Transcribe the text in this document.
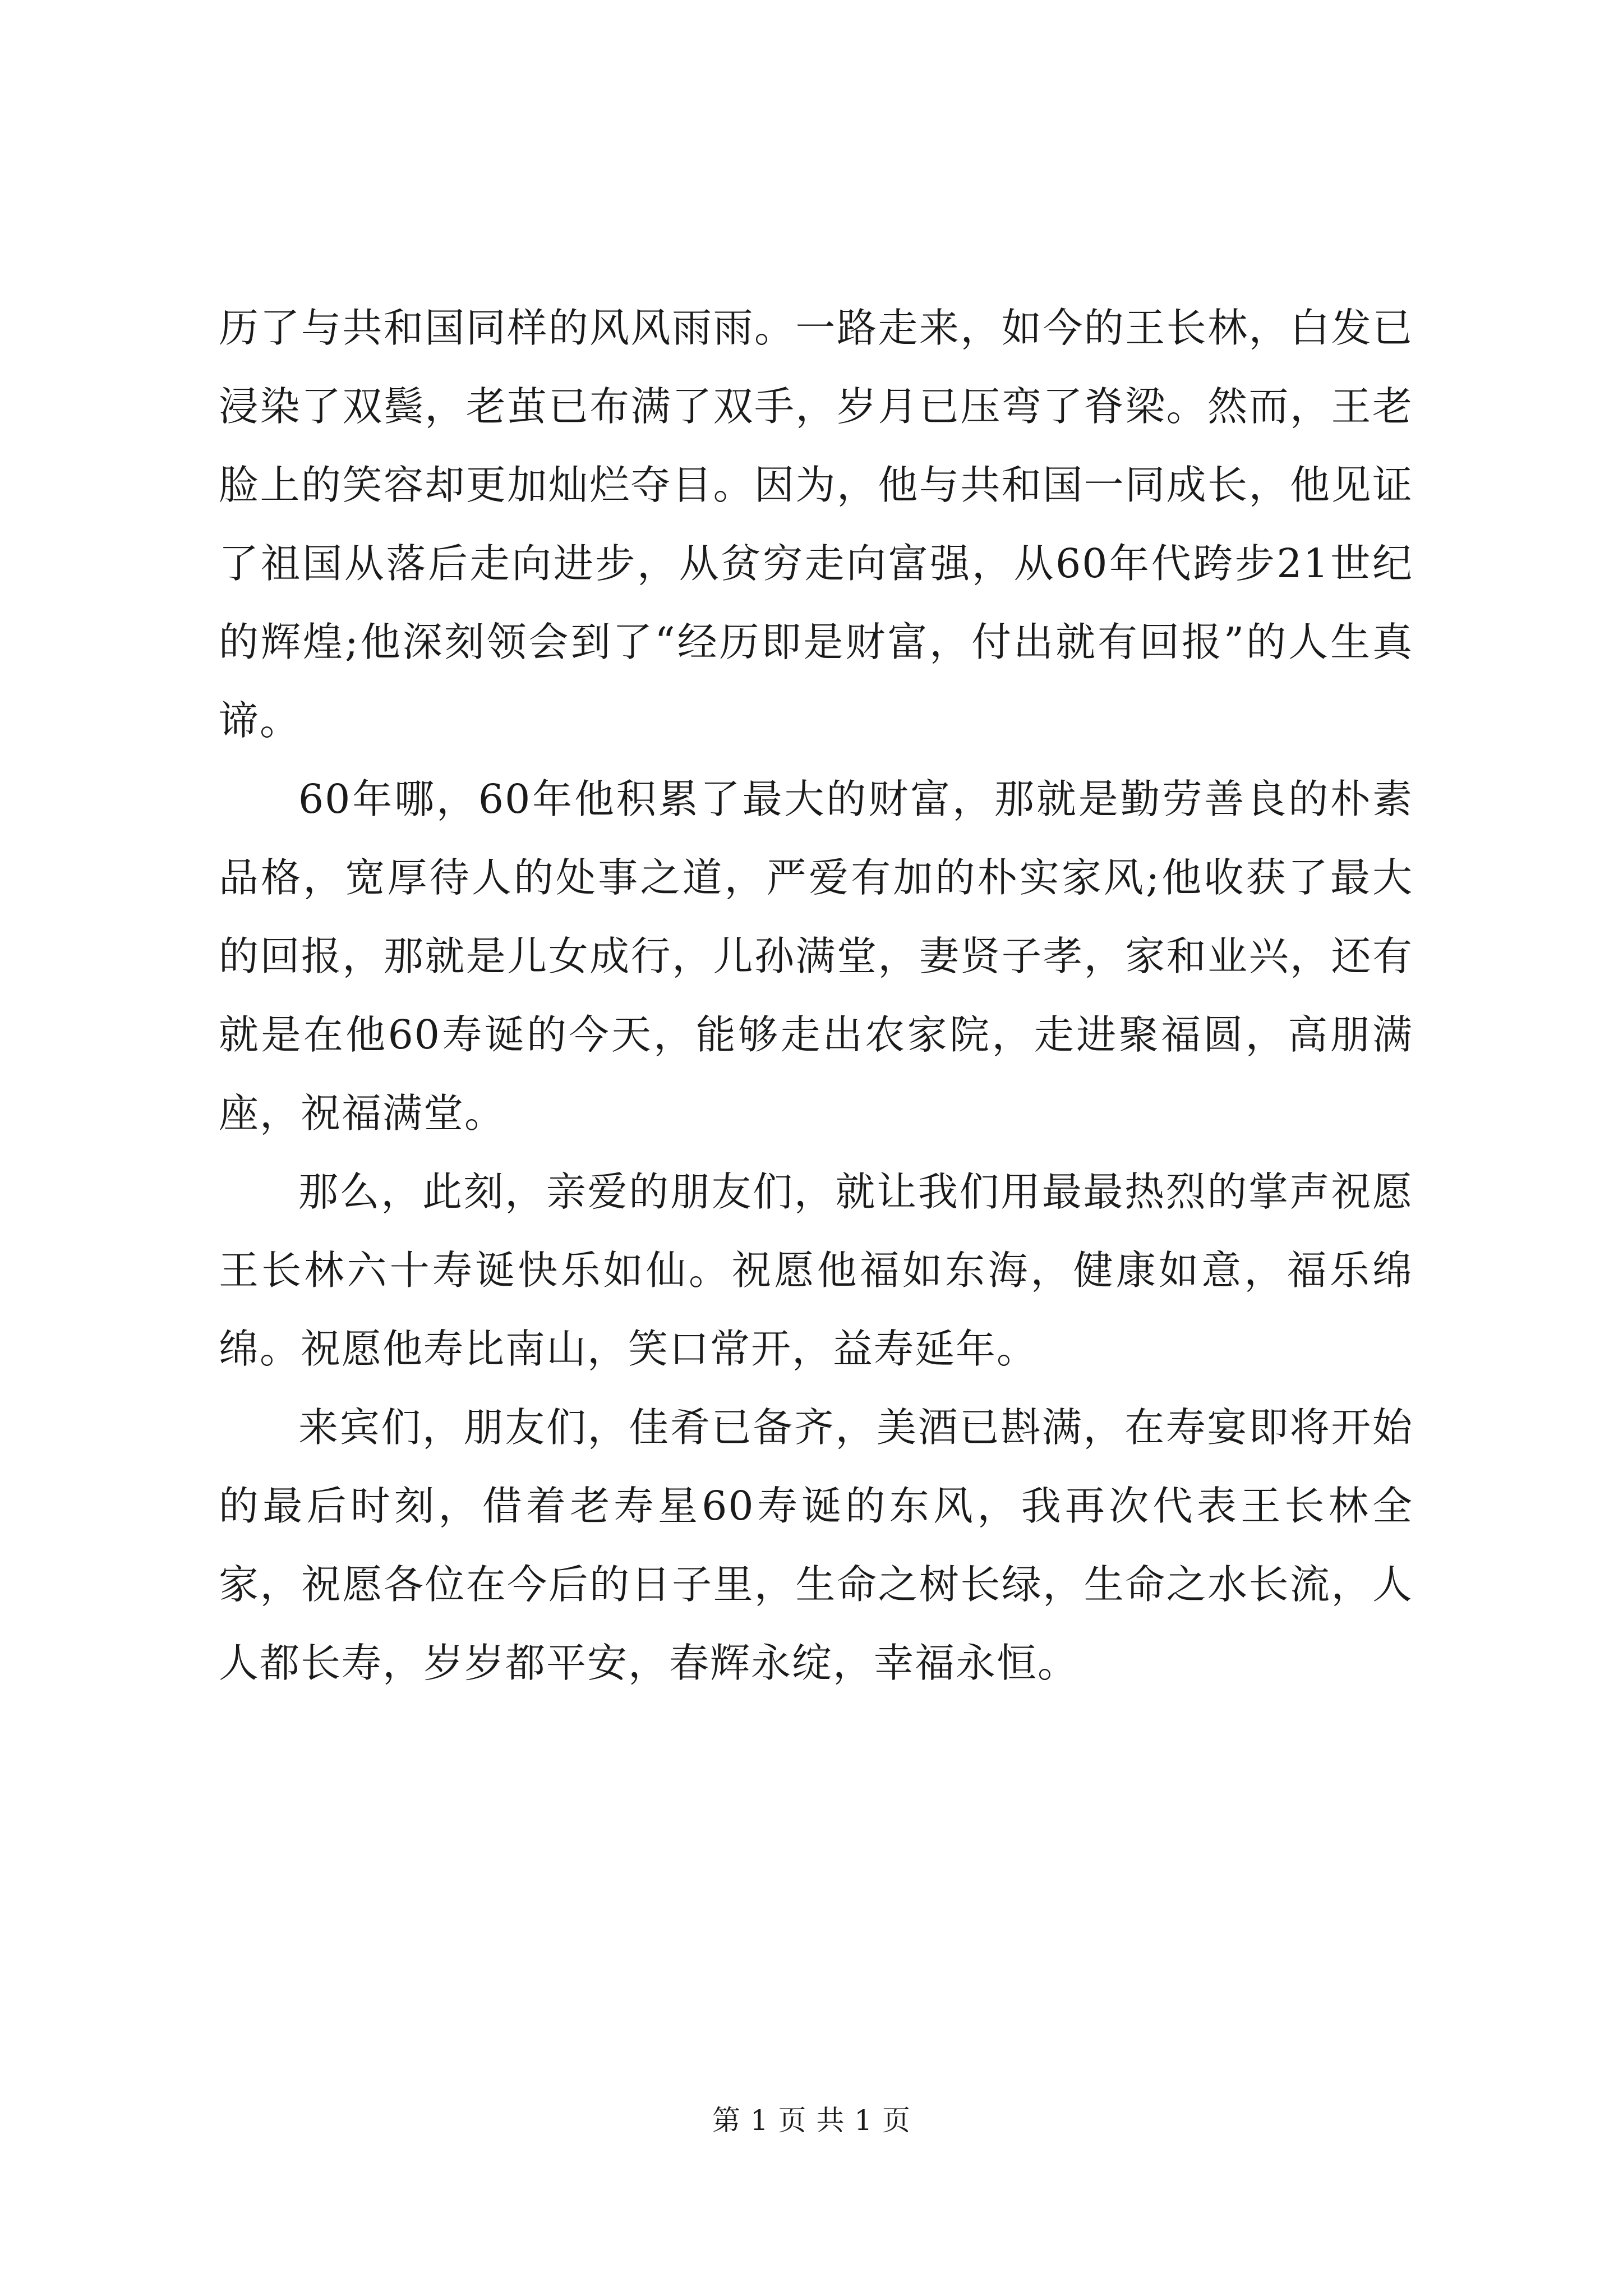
历了与共和国同样的风风雨雨。一路走来，如今的王长林，白发已浸染了双鬓，老茧已布满了双手，岁月已压弯了脊梁。然而，王老脸上的笑容却更加灿烂夺目。因为，他与共和国一同成长，他见证了祖国从落后走向进步，从贫穷走向富强，从60年代跨步21世纪的辉煌;他深刻领会到了“经历即是财富，付出就有回报”的人生真谛。

60年哪，60年他积累了最大的财富，那就是勤劳善良的朴素品格，宽厚待人的处事之道，严爱有加的朴实家风;他收获了最大的回报，那就是儿女成行，儿孙满堂，妻贤子孝，家和业兴，还有就是在他60寿诞的今天，能够走出农家院，走进聚福圆，高朋满座，祝福满堂。

那么，此刻，亲爱的朋友们，就让我们用最最热烈的掌声祝愿王长林六十寿诞快乐如仙。祝愿他福如东海，健康如意，福乐绵绵。祝愿他寿比南山，笑口常开，益寿延年。

来宾们，朋友们，佳肴已备齐，美酒已斟满，在寿宴即将开始的最后时刻，借着老寿星60寿诞的东风，我再次代表王长林全家，祝愿各位在今后的日子里，生命之树长绿，生命之水长流，人人都长寿，岁岁都平安，春辉永绽，幸福永恒。

第 1 页 共 1 页
